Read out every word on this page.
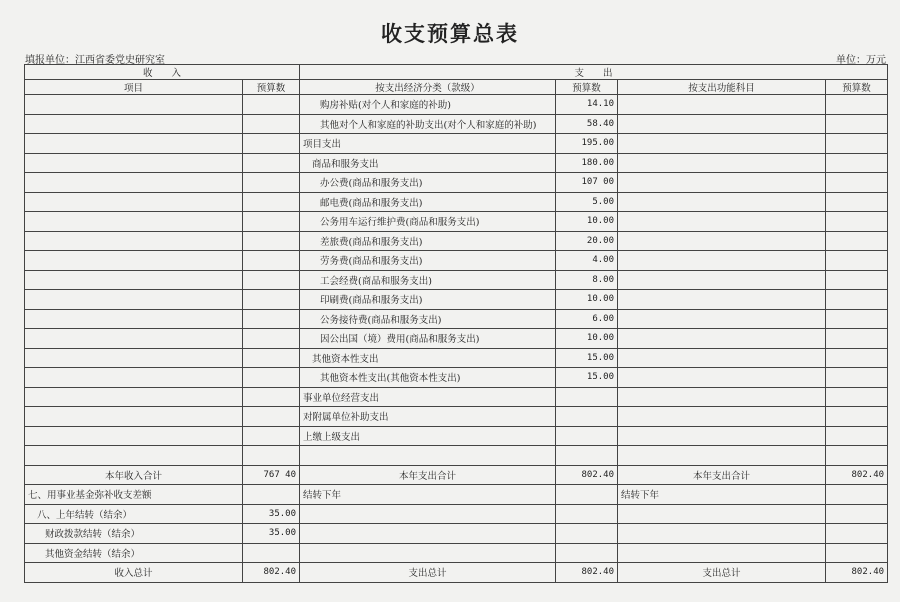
收支预算总表
填报单位：江西省委党史研究室	单位：万元
收　　入		支　　出			
项目	预算数	按支出经济分类（款级）	预算数	按支出功能科目	预算数
		购房补贴(对个人和家庭的补助)	14.10		
		其他对个人和家庭的补助支出(对个人和家庭的补助)	58.40		
		项目支出	195.00		
		商品和服务支出	180.00		
		办公费(商品和服务支出)	107 00		
		邮电费(商品和服务支出)	5.00		
		公务用车运行维护费(商品和服务支出)	10.00		
		差旅费(商品和服务支出)	20.00		
		劳务费(商品和服务支出)	4.00		
		工会经费(商品和服务支出)	8.00		
		印刷费(商品和服务支出)	10.00		
		公务接待费(商品和服务支出)	6.00		
		因公出国（境）费用(商品和服务支出)	10.00		
		其他资本性支出	15.00		
		其他资本性支出(其他资本性支出)	15.00		
		事业单位经营支出			
		对附属单位补助支出			
		上缴上级支出			

本年收入合计	767 40	本年支出合计	802.40	本年支出合计	802.40
七、用事业基金弥补收支差额		结转下年		结转下年	
八、上年结转（结余）	35.00				
财政拨款结转（结余）	35.00				
其他资金结转（结余）					
收入总计	802.40	支出总计	802.40	支出总计	802.40
